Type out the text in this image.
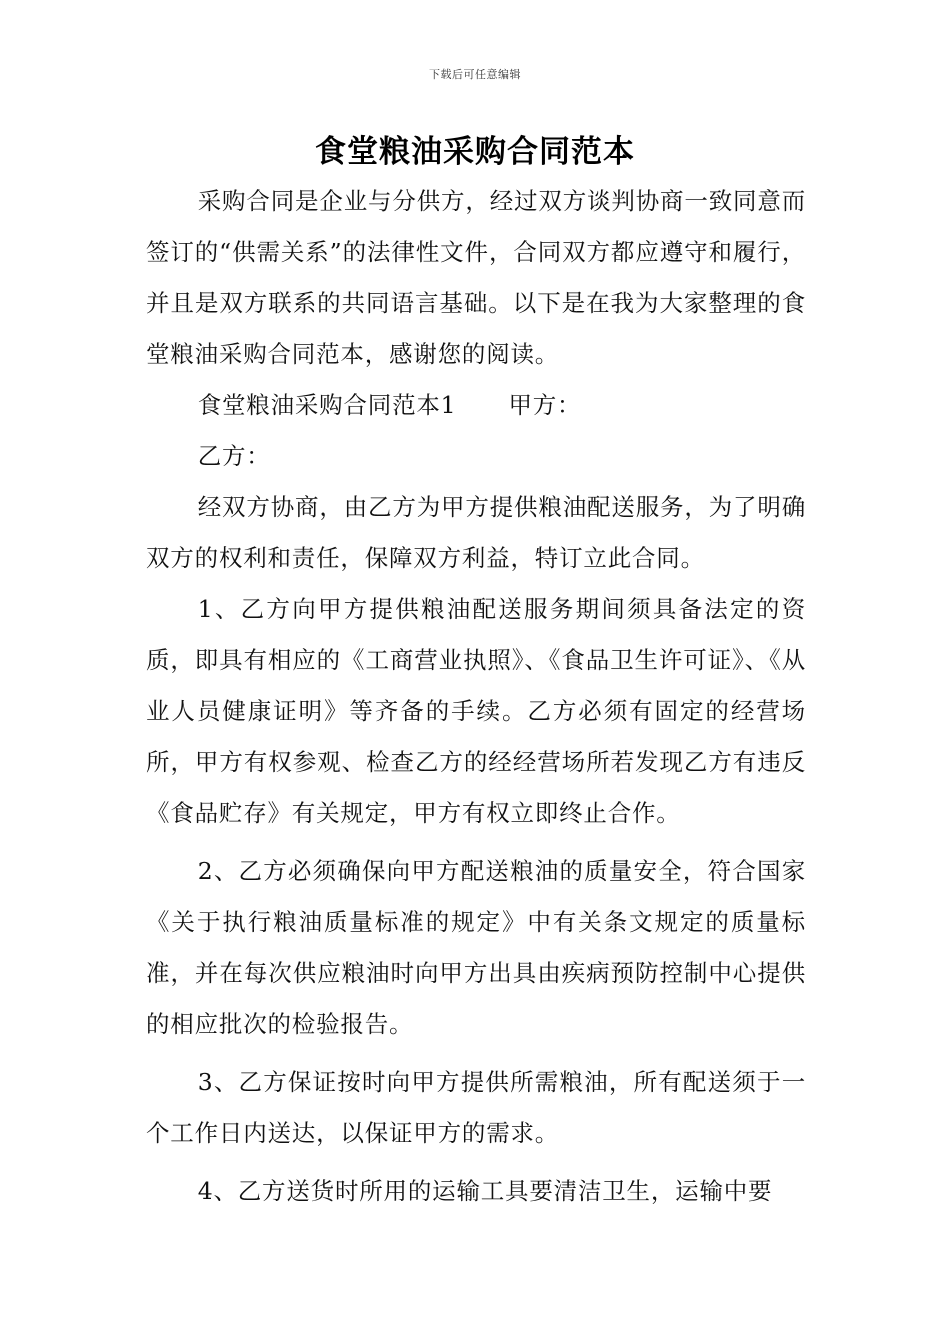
下载后可任意编辑
食堂粮油采购合同范本

采购合同是企业与分供方，经过双方谈判协商一致同意而签订的“供需关系”的法律性文件，合同双方都应遵守和履行，并且是双方联系的共同语言基础。以下是在我为大家整理的食堂粮油采购合同范本，感谢您的阅读。

食堂粮油采购合同范本1 甲方：

乙方：

经双方协商，由乙方为甲方提供粮油配送服务，为了明确双方的权利和责任，保障双方利益，特订立此合同。

1、乙方向甲方提供粮油配送服务期间须具备法定的资质，即具有相应的《工商营业执照》、《食品卫生许可证》、《从业人员健康证明》等齐备的手续。乙方必须有固定的经营场所，甲方有权参观、检查乙方的经经营场所若发现乙方有违反《食品贮存》有关规定，甲方有权立即终止合作。

2、乙方必须确保向甲方配送粮油的质量安全，符合国家《关于执行粮油质量标准的规定》中有关条文规定的质量标准，并在每次供应粮油时向甲方出具由疾病预防控制中心提供的相应批次的检验报告。

3、乙方保证按时向甲方提供所需粮油，所有配送须于一个工作日内送达，以保证甲方的需求。

4、乙方送货时所用的运输工具要清洁卫生，运输中要
